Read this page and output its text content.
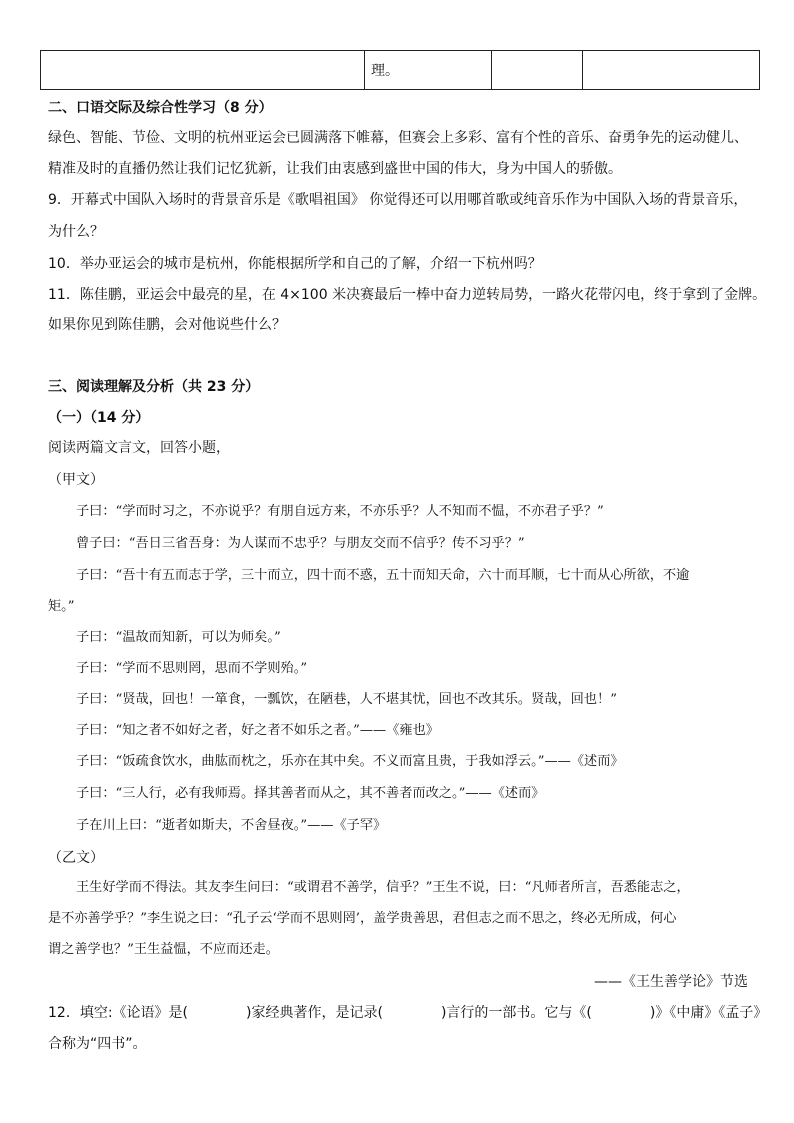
	理。		
二、口语交际及综合性学习（8 分）
绿色、智能、节俭、文明的杭州亚运会已圆满落下帷幕，但赛会上多彩、富有个性的音乐、奋勇争先的运动健儿、
精准及时的直播仍然让我们记忆犹新，让我们由衷感到盛世中国的伟大，身为中国人的骄傲。
9．开幕式中国队入场时的背景音乐是《歌唱祖国》 你觉得还可以用哪首歌或纯音乐作为中国队入场的背景音乐，
为什么？
10．举办亚运会的城市是杭州，你能根据所学和自己的了解，介绍一下杭州吗？
11．陈佳鹏，亚运会中最亮的星，在 4×100 米决赛最后一棒中奋力逆转局势，一路火花带闪电，终于拿到了金牌。
如果你见到陈佳鹏，会对他说些什么？
三、阅读理解及分析（共 23 分）
（一）（14 分）
阅读两篇文言文，回答小题，
（甲文）
子曰：“学而时习之，不亦说乎？有朋自远方来，不亦乐乎？人不知而不愠，不亦君子乎？”
曾子曰：“吾日三省吾身：为人谋而不忠乎？与朋友交而不信乎？传不习乎？”
子曰：“吾十有五而志于学，三十而立，四十而不惑，五十而知天命，六十而耳顺，七十而从心所欲，不逾
矩。”
子曰：“温故而知新，可以为师矣。”
子曰：“学而不思则罔，思而不学则殆。”
子曰：“贤哉，回也！一箪食，一瓢饮，在陋巷，人不堪其忧，回也不改其乐。贤哉，回也！”
子曰：“知之者不如好之者，好之者不如乐之者。”——《雍也》
子曰：“饭疏食饮水，曲肱而枕之，乐亦在其中矣。不义而富且贵，于我如浮云。”——《述而》
子曰：“三人行，必有我师焉。择其善者而从之，其不善者而改之。”——《述而》
子在川上曰：“逝者如斯夫，不舍昼夜。”——《子罕》
（乙文）
王生好学而不得法。其友李生问曰：“或谓君不善学，信乎？”王生不说，曰：“凡师者所言，吾悉能志之，
是不亦善学乎？”李生说之曰：“孔子云‘学而不思则罔’，盖学贵善思，君但志之而不思之，终必无所成，何心
谓之善学也？”王生益愠，不应而还走。
——《王生善学论》节选
12．填空:《论语》是(	)家经典著作，是记录(	)言行的一部书。它与《(	)》《中庸》《孟子》
合称为“四书”。
